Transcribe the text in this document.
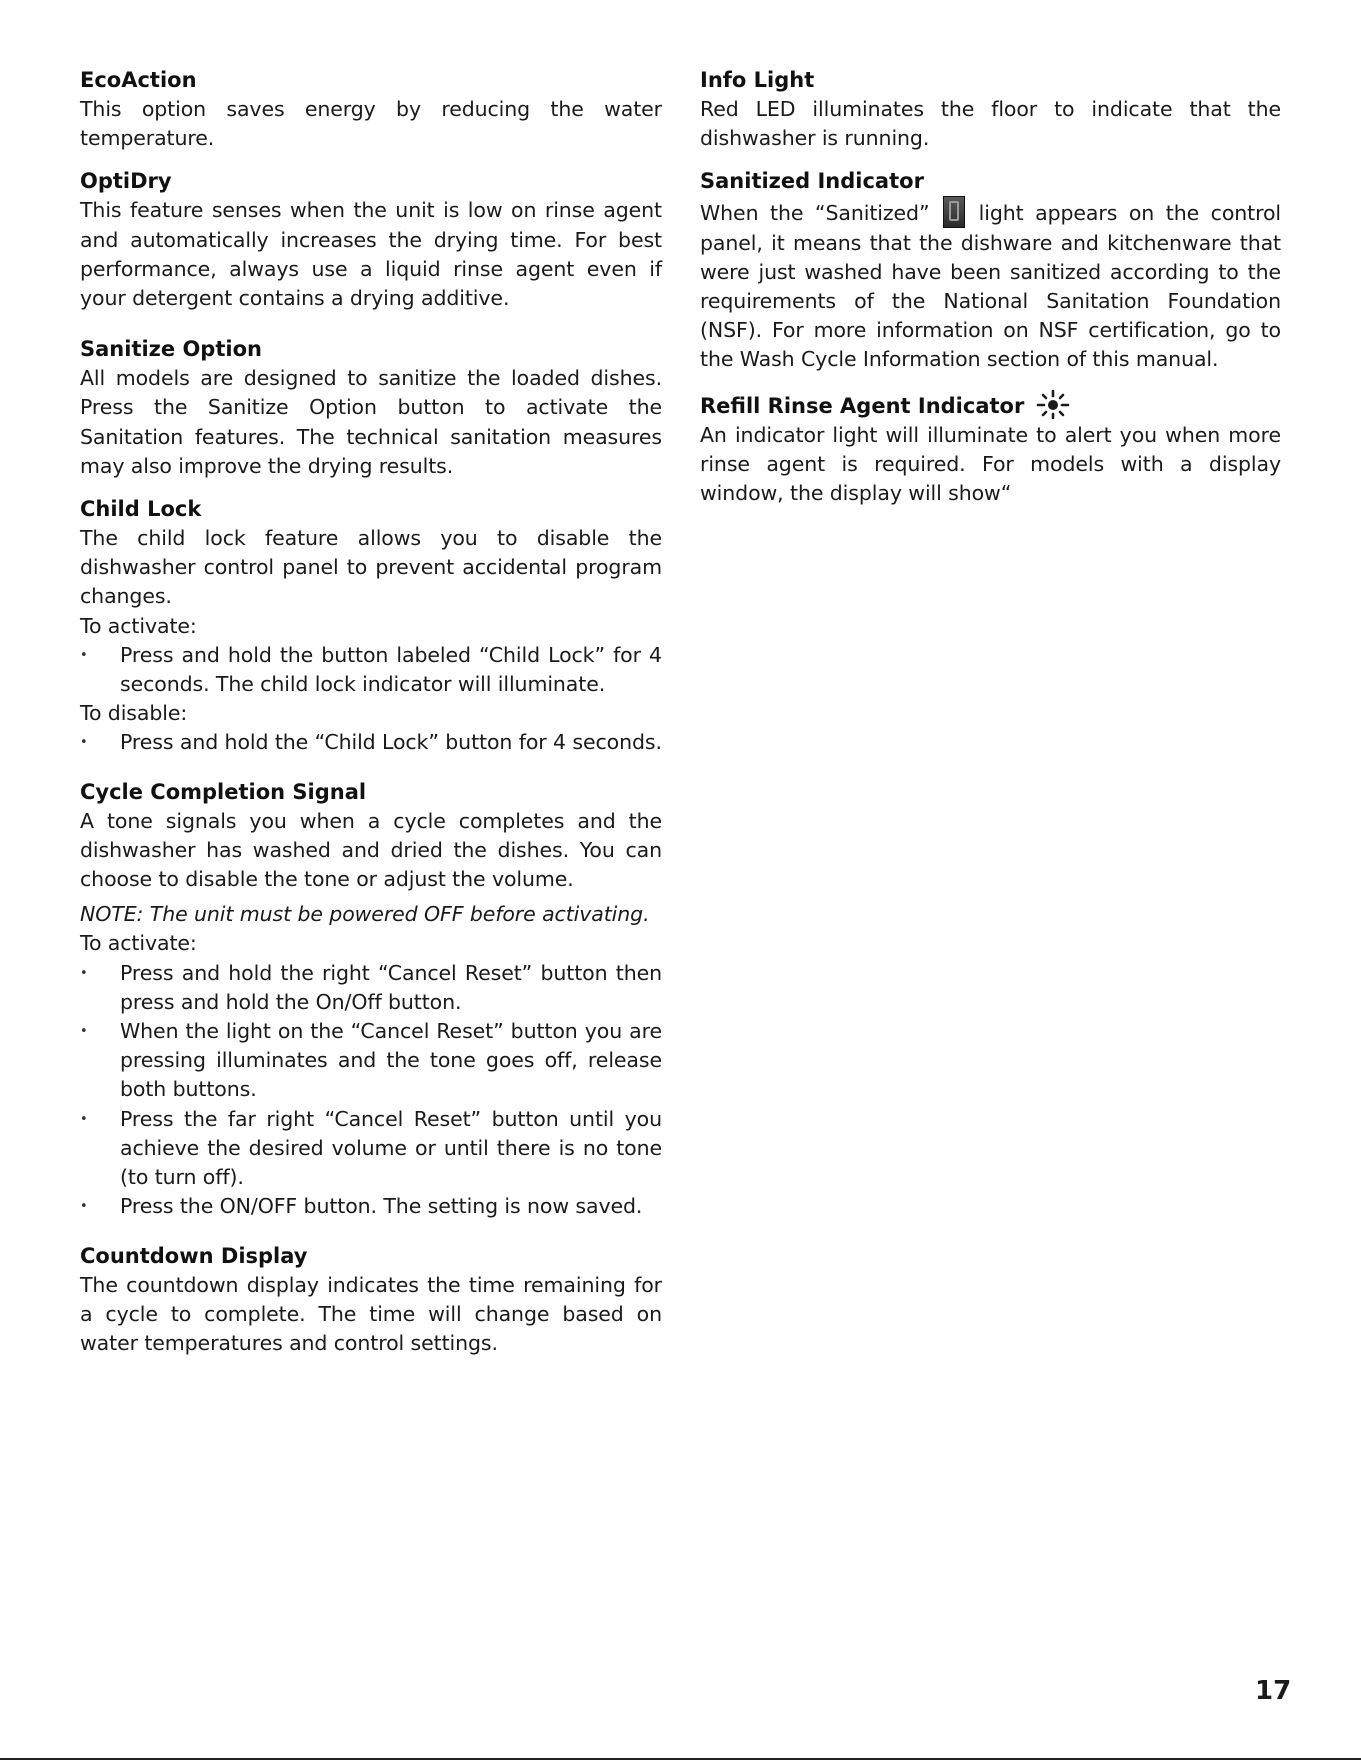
EcoAction

This option saves energy by reducing the water temperature.

OptiDry

This feature senses when the unit is low on rinse agent and automatically increases the drying time. For best performance, always use a liquid rinse agent even if your detergent contains a drying additive.

Sanitize Option

All models are designed to sanitize the loaded dishes. Press the Sanitize Option button to activate the Sanitation features. The technical sanitation measures may also improve the drying results.

Child Lock

The child lock feature allows you to disable the dishwasher control panel to prevent accidental program changes.

To activate:

• Press and hold the button labeled “Child Lock” for 4 seconds. The child lock indicator will illuminate.

To disable:

• Press and hold the “Child Lock” button for 4 seconds.
Cycle Completion Signal

A tone signals you when a cycle completes and the dishwasher has washed and dried the dishes. You can choose to disable the tone or adjust the volume.

NOTE: The unit must be powered OFF before activating.

To activate:

• Press and hold the right “Cancel Reset” button then press and hold the On/Off button.
• When the light on the “Cancel Reset” button you are pressing illuminates and the tone goes off, release both buttons.
• Press the far right “Cancel Reset” button until you achieve the desired volume or until there is no tone (to turn off).
• Press the ON/OFF button. The setting is now saved.
Countdown Display

The countdown display indicates the time remaining for a cycle to complete. The time will change based on water temperatures and control settings.

Info Light

Red LED illuminates the floor to indicate that the dishwasher is running.

Sanitized Indicator

When the “Sanitized” light appears on the control panel, it means that the dishware and kitchenware that were just washed have been sanitized according to the requirements of the National Sanitation Foundation (NSF). For more information on NSF certification, go to the Wash Cycle Information section of this manual.

Refill Rinse Agent Indicator

An indicator light will illuminate to alert you when more rinse agent is required. For models with a display window, the display will show“

17
